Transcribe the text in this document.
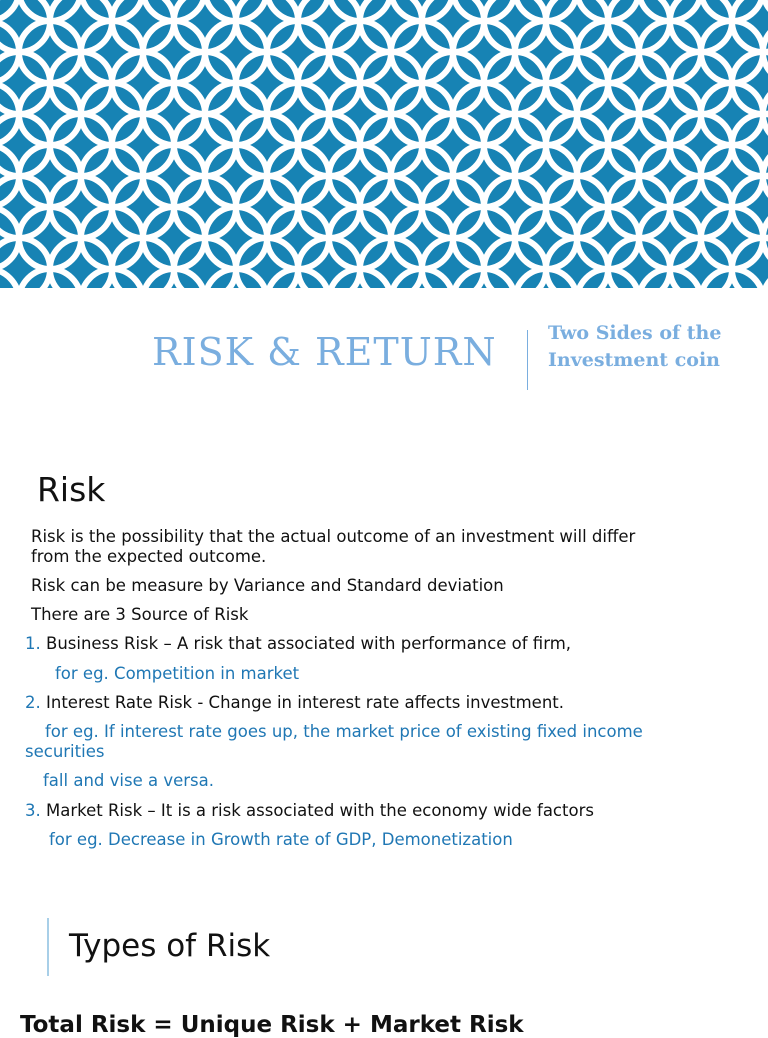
RISK & RETURN	Two Sides of the Investment coin
Risk
Risk is the possibility that the actual outcome of an investment will differ
from the expected outcome.
Risk can be measure by Variance and Standard deviation
There are 3 Source of Risk
1. Business Risk – A risk that associated with performance of firm,
for eg. Competition in market
2. Interest Rate Risk - Change in interest rate affects investment.
for eg. If interest rate goes up, the market price of existing fixed income
securities
fall and vise a versa.
3. Market Risk – It is a risk associated with the economy wide factors
for eg. Decrease in Growth rate of GDP, Demonetization
Types of Risk
Total Risk = Unique Risk + Market Risk
